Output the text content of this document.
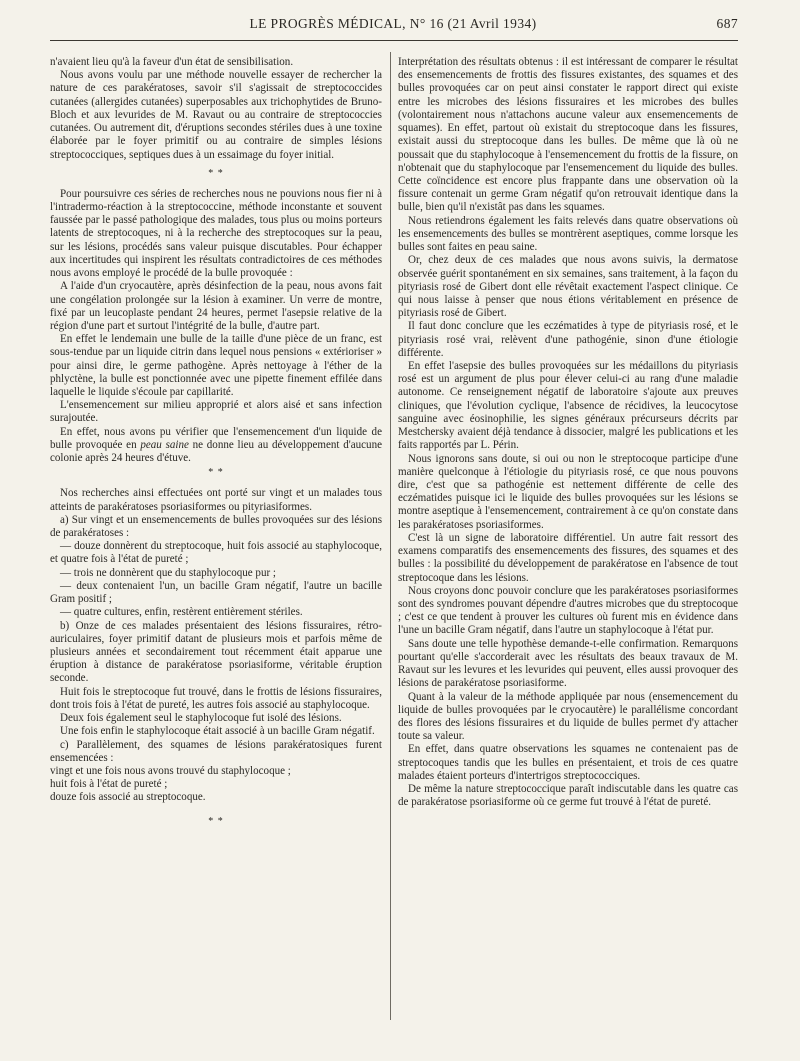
LE PROGRÈS MÉDICAL, N° 16 (21 Avril 1934)	687

n'avaient lieu qu'à la faveur d'un état de sensibilisation.

Nous avons voulu par une méthode nouvelle essayer de rechercher la nature de ces parakératoses, savoir s'il s'agissait de streptococcides cutanées (allergides cutanées) superposables aux trichophytides de Bruno-Bloch et aux levurides de M. Ravaut ou au contraire de streptococcies cutanées. Ou autrement dit, d'éruptions secondes stériles dues à une toxine élaborée par le foyer primitif ou au contraire de simples lésions streptococciques, septiques dues à un essaimage du foyer initial.

* *

Pour poursuivre ces séries de recherches nous ne pouvions nous fier ni à l'intradermo-réaction à la streptococcine, méthode inconstante et souvent faussée par le passé pathologique des malades, tous plus ou moins porteurs latents de streptocoques, ni à la recherche des streptocoques sur la peau, sur les lésions, procédés sans valeur puisque discutables. Pour échapper aux incertitudes qui inspirent les résultats contradictoires de ces méthodes nous avons employé le procédé de la bulle provoquée :

A l'aide d'un cryocautère, après désinfection de la peau, nous avons fait une congélation prolongée sur la lésion à examiner. Un verre de montre, fixé par un leucoplaste pendant 24 heures, permet l'asepsie relative de la région d'une part et surtout l'intégrité de la bulle, d'autre part.

En effet le lendemain une bulle de la taille d'une pièce de un franc, est sous-tendue par un liquide citrin dans lequel nous pensions « extérioriser » pour ainsi dire, le germe pathogène. Après nettoyage à l'éther de la phlyctène, la bulle est ponctionnée avec une pipette finement effilée dans laquelle le liquide s'écoule par capillarité.

L'ensemencement sur milieu approprié et alors aisé et sans infection surajoutée.

En effet, nous avons pu vérifier que l'ensemencement d'un liquide de bulle provoquée en peau saine ne donne lieu au développement d'aucune colonie après 24 heures d'étuve.

* *

Nos recherches ainsi effectuées ont porté sur vingt et un malades tous atteints de parakératoses psoriasiformes ou pityriasiformes.

a) Sur vingt et un ensemencements de bulles provoquées sur des lésions de parakératoses :

— douze donnèrent du streptocoque, huit fois associé au staphylocoque, et quatre fois à l'état de pureté ;

— trois ne donnèrent que du staphylocoque pur ;

— deux contenaient l'un, un bacille Gram négatif, l'autre un bacille Gram positif ;

— quatre cultures, enfin, restèrent entièrement stériles.

b) Onze de ces malades présentaient des lésions fissuraires, rétro-auriculaires, foyer primitif datant de plusieurs mois et parfois même de plusieurs années et secondairement tout récemment était apparue une éruption à distance de parakératose psoriasiforme, véritable éruption seconde.

Huit fois le streptocoque fut trouvé, dans le frottis de lésions fissuraires, dont trois fois à l'état de pureté, les autres fois associé au staphylocoque.

Deux fois également seul le staphylocoque fut isolé des lésions.

Une fois enfin le staphylocoque était associé à un bacille Gram négatif.

c) Parallèlement, des squames de lésions parakératosiques furent ensemencées :

vingt et une fois nous avons trouvé du staphylocoque ;

huit fois à l'état de pureté ;

douze fois associé au streptocoque.

* *

Interprétation des résultats obtenus : il est intéressant de comparer le résultat des ensemencements de frottis des fissures existantes, des squames et des bulles provoquées car on peut ainsi constater le rapport direct qui existe entre les microbes des lésions fissuraires et les microbes des bulles (volontairement nous n'attachons aucune valeur aux ensemencements de squames). En effet, partout où existait du streptocoque dans les fissures, existait aussi du streptocoque dans les bulles. De même que là où ne poussait que du staphylocoque à l'ensemencement du frottis de la fissure, on n'obtenait que du staphylocoque par l'ensemencement du liquide des bulles. Cette coïncidence est encore plus frappante dans une observation où la fissure contenait un germe Gram négatif qu'on retrouvait identique dans la bulle, bien qu'il n'existât pas dans les squames.

Nous retiendrons également les faits relevés dans quatre observations où les ensemencements des bulles se montrèrent aseptiques, comme lorsque les bulles sont faites en peau saine.

Or, chez deux de ces malades que nous avons suivis, la dermatose observée guérit spontanément en six semaines, sans traitement, à la façon du pityriasis rosé de Gibert dont elle révêtait exactement l'aspect clinique. Ce qui nous laisse à penser que nous étions véritablement en présence de pityriasis rosé de Gibert.

Il faut donc conclure que les eczématides à type de pityriasis rosé, et le pityriasis rosé vrai, relèvent d'une pathogénie, sinon d'une étiologie différente.

En effet l'asepsie des bulles provoquées sur les médaillons du pityriasis rosé est un argument de plus pour élever celui-ci au rang d'une maladie autonome. Ce renseignement négatif de laboratoire s'ajoute aux preuves cliniques, que l'évolution cyclique, l'absence de récidives, la leucocytose sanguine avec éosinophilie, les signes généraux précurseurs décrits par Mestchersky avaient déjà tendance à dissocier, malgré les publications et les faits rapportés par L. Périn.

Nous ignorons sans doute, si oui ou non le streptocoque participe d'une manière quelconque à l'étiologie du pityriasis rosé, ce que nous pouvons dire, c'est que sa pathogénie est nettement différente de celle des eczématides puisque ici le liquide des bulles provoquées sur les lésions se montre aseptique à l'ensemencement, contrairement à ce qu'on constate dans les parakératoses psoriasiformes.

C'est là un signe de laboratoire différentiel. Un autre fait ressort des examens comparatifs des ensemencements des fissures, des squames et des bulles : la possibilité du développement de parakératose en l'absence de tout streptocoque dans les lésions.

Nous croyons donc pouvoir conclure que les parakératoses psoriasiformes sont des syndromes pouvant dépendre d'autres microbes que du streptocoque ; c'est ce que tendent à prouver les cultures où furent mis en évidence dans l'une un bacille Gram négatif, dans l'autre un staphylocoque à l'état pur.

Sans doute une telle hypothèse demande-t-elle confirmation. Remarquons pourtant qu'elle s'accorderait avec les résultats des beaux travaux de M. Ravaut sur les levures et les levurides qui peuvent, elles aussi provoquer des lésions de parakératose psoriasiforme.

Quant à la valeur de la méthode appliquée par nous (ensemencement du liquide de bulles provoquées par le cryocautère) le parallélisme concordant des flores des lésions fissuraires et du liquide de bulles permet d'y attacher toute sa valeur.

En effet, dans quatre observations les squames ne contenaient pas de streptocoques tandis que les bulles en présentaient, et trois de ces quatre malades étaient porteurs d'intertrigos streptococciques.

De même la nature streptococcique paraît indiscutable dans les quatre cas de parakératose psoriasiforme où ce germe fut trouvé à l'état de pureté.
